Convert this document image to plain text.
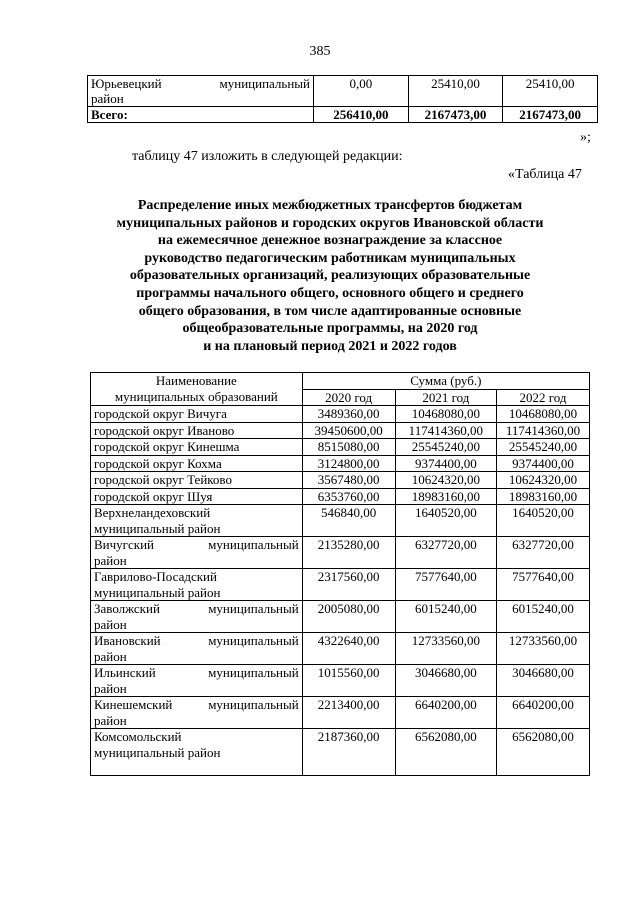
385
Юрьевецкий муниципальный
район	0,00	25410,00	25410,00
Всего:	256410,00	2167473,00	2167473,00
»;
таблицу 47 изложить в следующей редакции:
«Таблица 47
Распределение иных межбюджетных трансфертов бюджетам
муниципальных районов и городских округов Ивановской области
на ежемесячное денежное вознаграждение за классное
руководство педагогическим работникам муниципальных
образовательных организаций, реализующих образовательные
программы начального общего, основного общего и среднего
общего образования, в том числе адаптированные основные
общеобразовательные программы, на 2020 год
и на плановый период 2021 и 2022 годов
Наименование
муниципальных образований	Сумма (руб.)		
	2020 год	2021 год	2022 год
городской округ Вичуга	3489360,00	10468080,00	10468080,00
городской округ Иваново	39450600,00	117414360,00	117414360,00
городской округ Кинешма	8515080,00	25545240,00	25545240,00
городской округ Кохма	3124800,00	9374400,00	9374400,00
городской округ Тейково	3567480,00	10624320,00	10624320,00
городской округ Шуя	6353760,00	18983160,00	18983160,00
Верхнеландеховский
муниципальный район	546840,00	1640520,00	1640520,00

Вичугский муниципальный
район	2135280,00	6327720,00	6327720,00
Гаврилово-Посадский
муниципальный район	2317560,00	7577640,00	7577640,00

Заволжский муниципальный
район	2005080,00	6015240,00	6015240,00

Ивановский муниципальный
район	4322640,00	12733560,00	12733560,00

Ильинский муниципальный
район	1015560,00	3046680,00	3046680,00

Кинешемский муниципальный
район	2213400,00	6640200,00	6640200,00
Комсомольский
муниципальный район	2187360,00	6562080,00	6562080,00
